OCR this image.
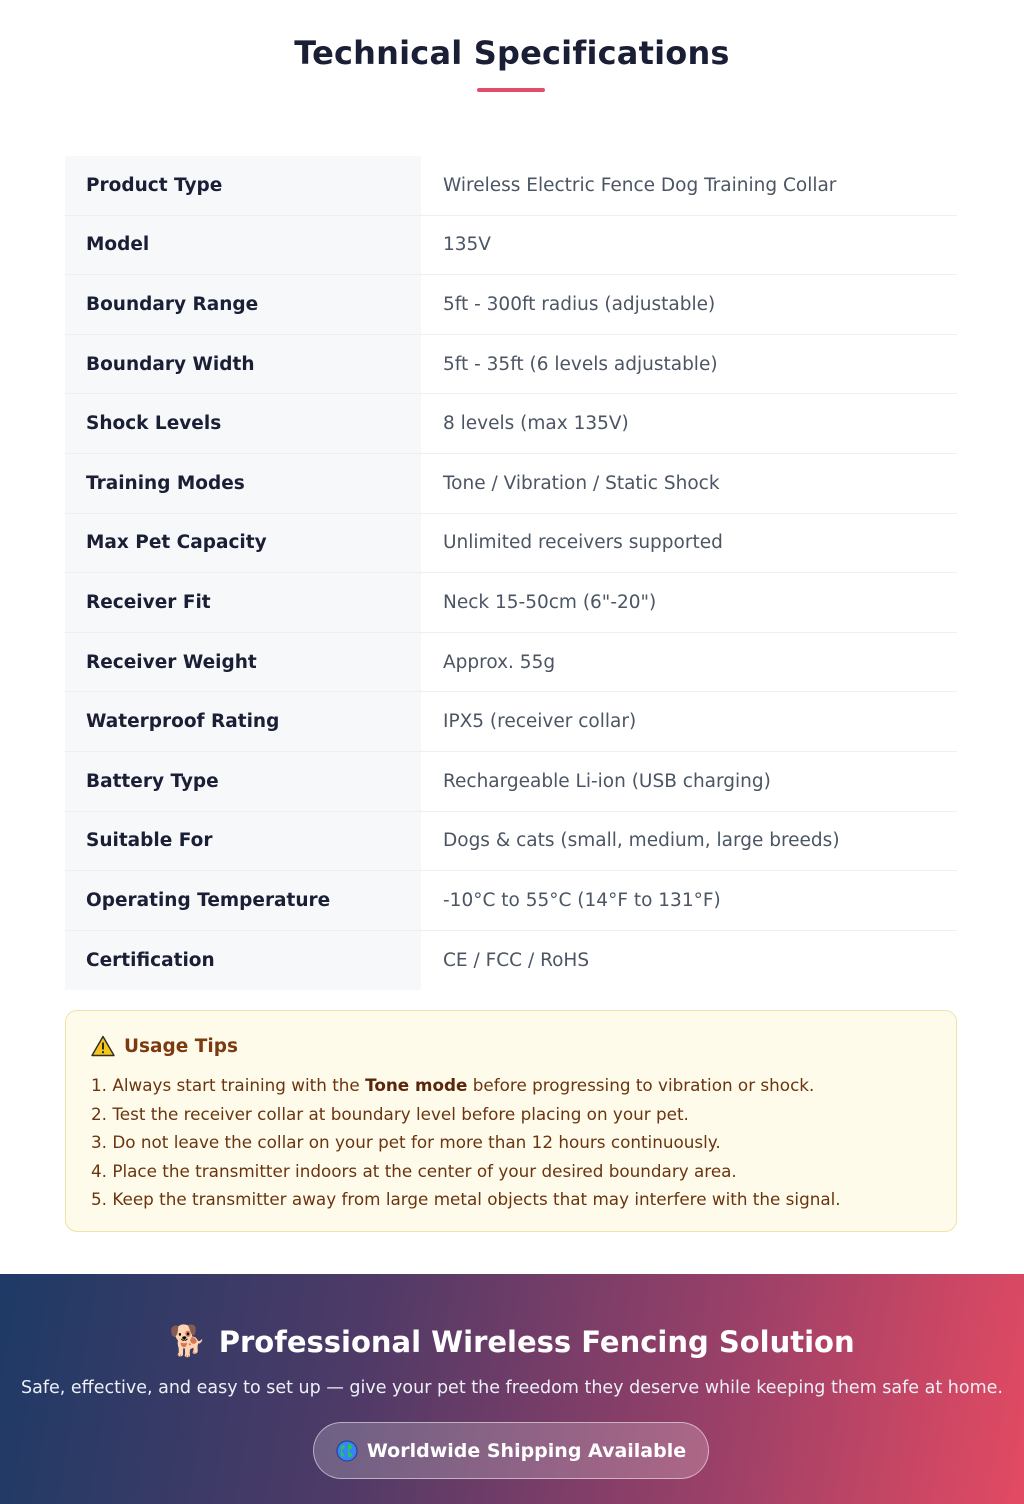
Technical Specifications
Product Type	Wireless Electric Fence Dog Training Collar
Model	135V
Boundary Range	5ft - 300ft radius (adjustable)
Boundary Width	5ft - 35ft (6 levels adjustable)
Shock Levels	8 levels (max 135V)
Training Modes	Tone / Vibration / Static Shock
Max Pet Capacity	Unlimited receivers supported
Receiver Fit	Neck 15-50cm (6"-20")
Receiver Weight	Approx. 55g
Waterproof Rating	IPX5 (receiver collar)
Battery Type	Rechargeable Li-ion (USB charging)
Suitable For	Dogs & cats (small, medium, large breeds)
Operating Temperature	-10°C to 55°C (14°F to 131°F)
Certification	CE / FCC / RoHS
Usage Tips
1. Always start training with the Tone mode before progressing to vibration or shock.
2. Test the receiver collar at boundary level before placing on your pet.
3. Do not leave the collar on your pet for more than 12 hours continuously.
4. Place the transmitter indoors at the center of your desired boundary area.
5. Keep the transmitter away from large metal objects that may interfere with the signal.
🐕 Professional Wireless Fencing Solution

Safe, effective, and easy to set up — give your pet the freedom they deserve while keeping them safe at home.

Worldwide Shipping Available
